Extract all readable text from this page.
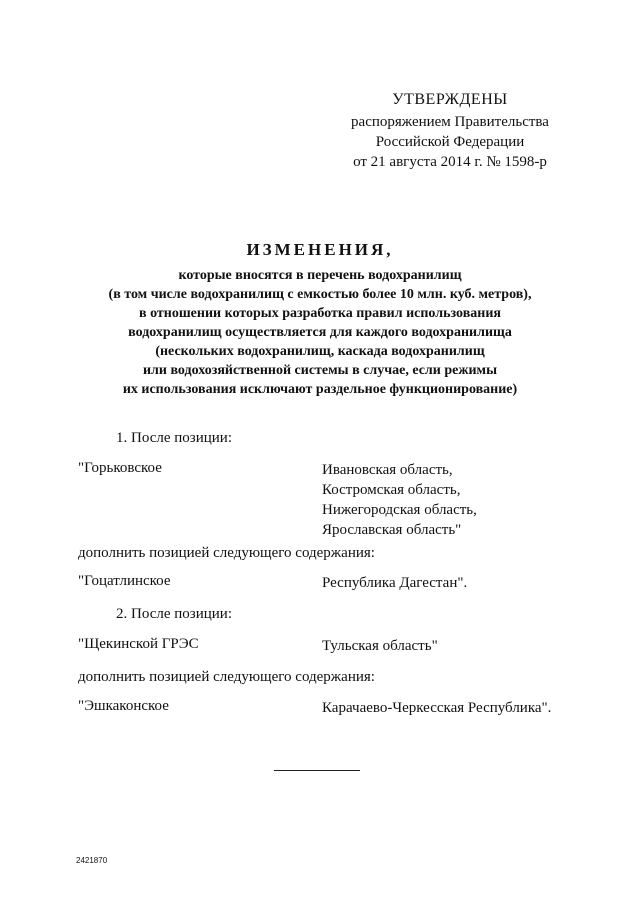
УТВЕРЖДЕНЫ
распоряжением Правительства
Российской Федерации
от 21 августа 2014 г. № 1598-р
ИЗМЕНЕНИЯ,
которые вносятся в перечень водохранилищ
(в том числе водохранилищ с емкостью более 10 млн. куб. метров),
в отношении которых разработка правил использования
водохранилищ осуществляется для каждого водохранилища
(нескольких водохранилищ, каскада водохранилищ
или водохозяйственной системы в случае, если режимы
их использования исключают раздельное функционирование)
1. После позиции:
"Горьковское	Ивановская область,
Костромская область,
Нижегородская область,
Ярославская область"
дополнить позицией следующего содержания:
"Гоцатлинское	Республика Дагестан".
2. После позиции:
"Щекинской ГРЭС	Тульская область"
дополнить позицией следующего содержания:
"Эшкаконское	Карачаево-Черкесская Республика".
2421870
